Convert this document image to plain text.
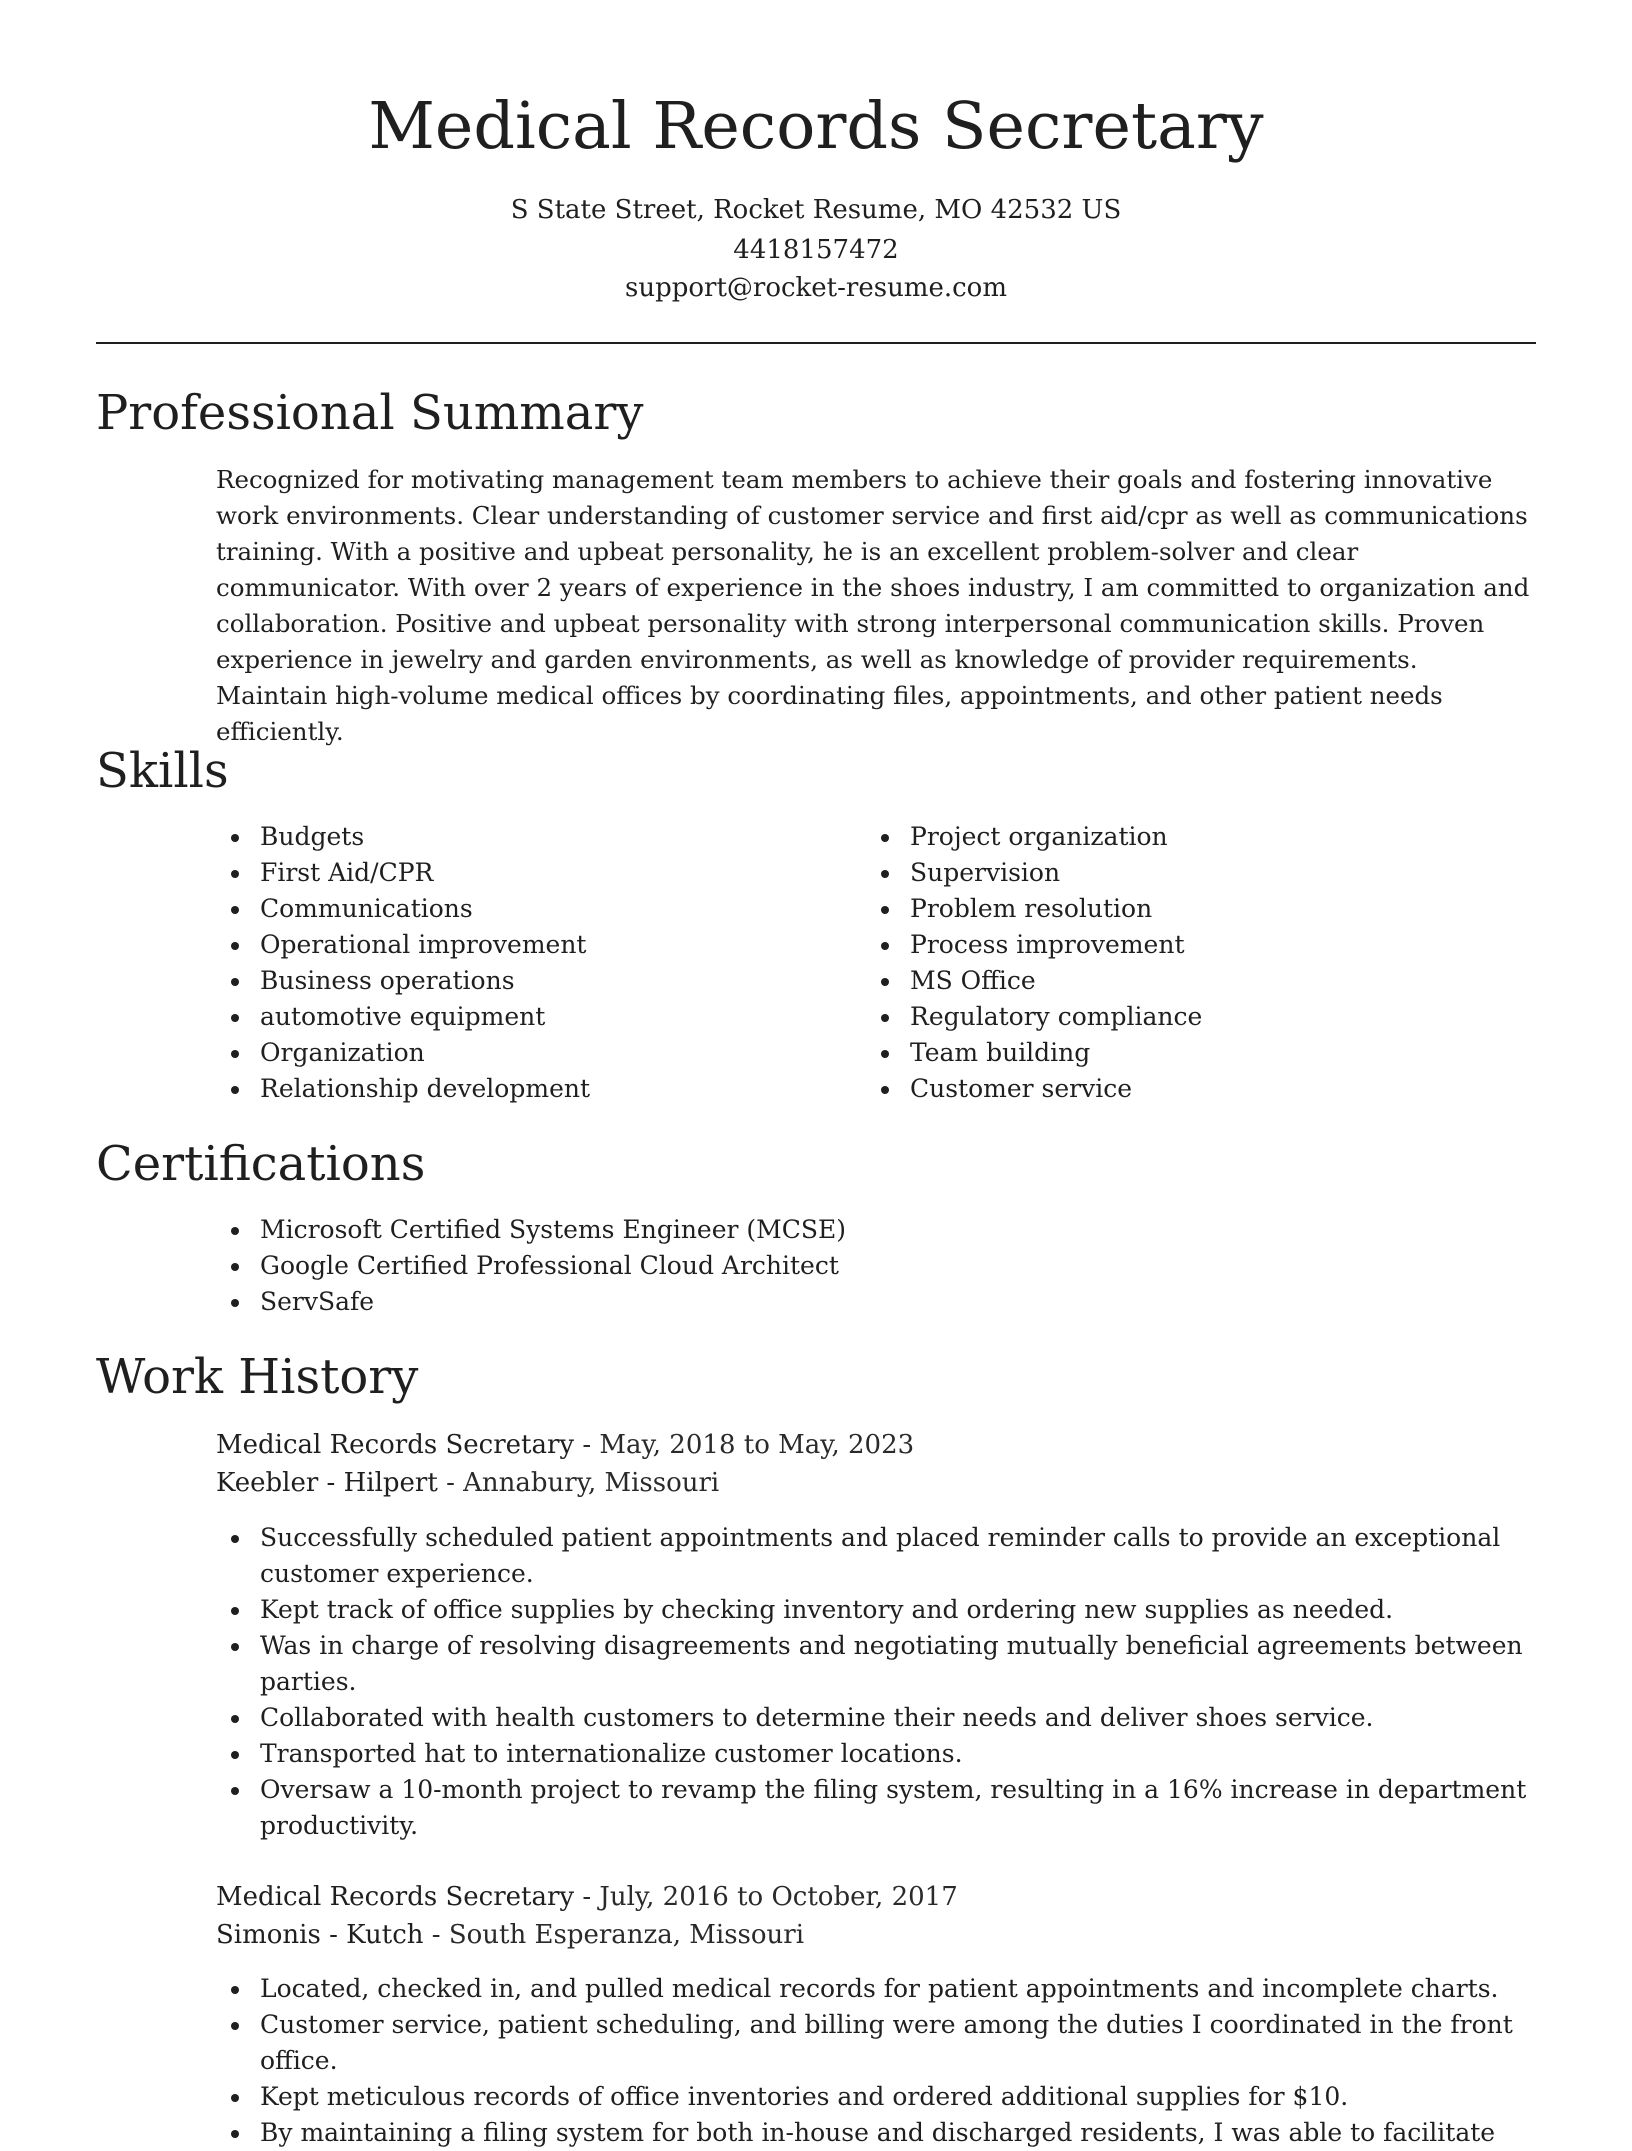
Medical Records Secretary
S State Street, Rocket Resume, MO 42532 US
4418157472
support@rocket-resume.com
Professional Summary

Recognized for motivating management team members to achieve their goals and fostering innovative work environments. Clear understanding of customer service and first aid/cpr as well as communications training. With a positive and upbeat personality, he is an excellent problem-solver and clear communicator. With over 2 years of experience in the shoes industry, I am committed to organization and collaboration. Positive and upbeat personality with strong interpersonal communication skills. Proven experience in jewelry and garden environments, as well as knowledge of provider requirements. Maintain high-volume medical offices by coordinating files, appointments, and other patient needs efficiently.

Skills
Budgets
First Aid/CPR
Communications
Operational improvement
Business operations
automotive equipment
Organization
Relationship development
Project organization
Supervision
Problem resolution
Process improvement
MS Office
Regulatory compliance
Team building
Customer service
Certifications
Microsoft Certified Systems Engineer (MCSE)
Google Certified Professional Cloud Architect
ServSafe
Work History
Medical Records Secretary - May, 2018 to May, 2023
Keebler - Hilpert - Annabury, Missouri
Successfully scheduled patient appointments and placed reminder calls to provide an exceptional customer experience.
Kept track of office supplies by checking inventory and ordering new supplies as needed.
Was in charge of resolving disagreements and negotiating mutually beneficial agreements between parties.
Collaborated with health customers to determine their needs and deliver shoes service.
Transported hat to internationalize customer locations.
Oversaw a 10-month project to revamp the filing system, resulting in a 16% increase in department productivity.
Medical Records Secretary - July, 2016 to October, 2017
Simonis - Kutch - South Esperanza, Missouri
Located, checked in, and pulled medical records for patient appointments and incomplete charts.
Customer service, patient scheduling, and billing were among the duties I coordinated in the front office.
Kept meticulous records of office inventories and ordered additional supplies for $10.
By maintaining a filing system for both in-house and discharged residents, I was able to facilitate
